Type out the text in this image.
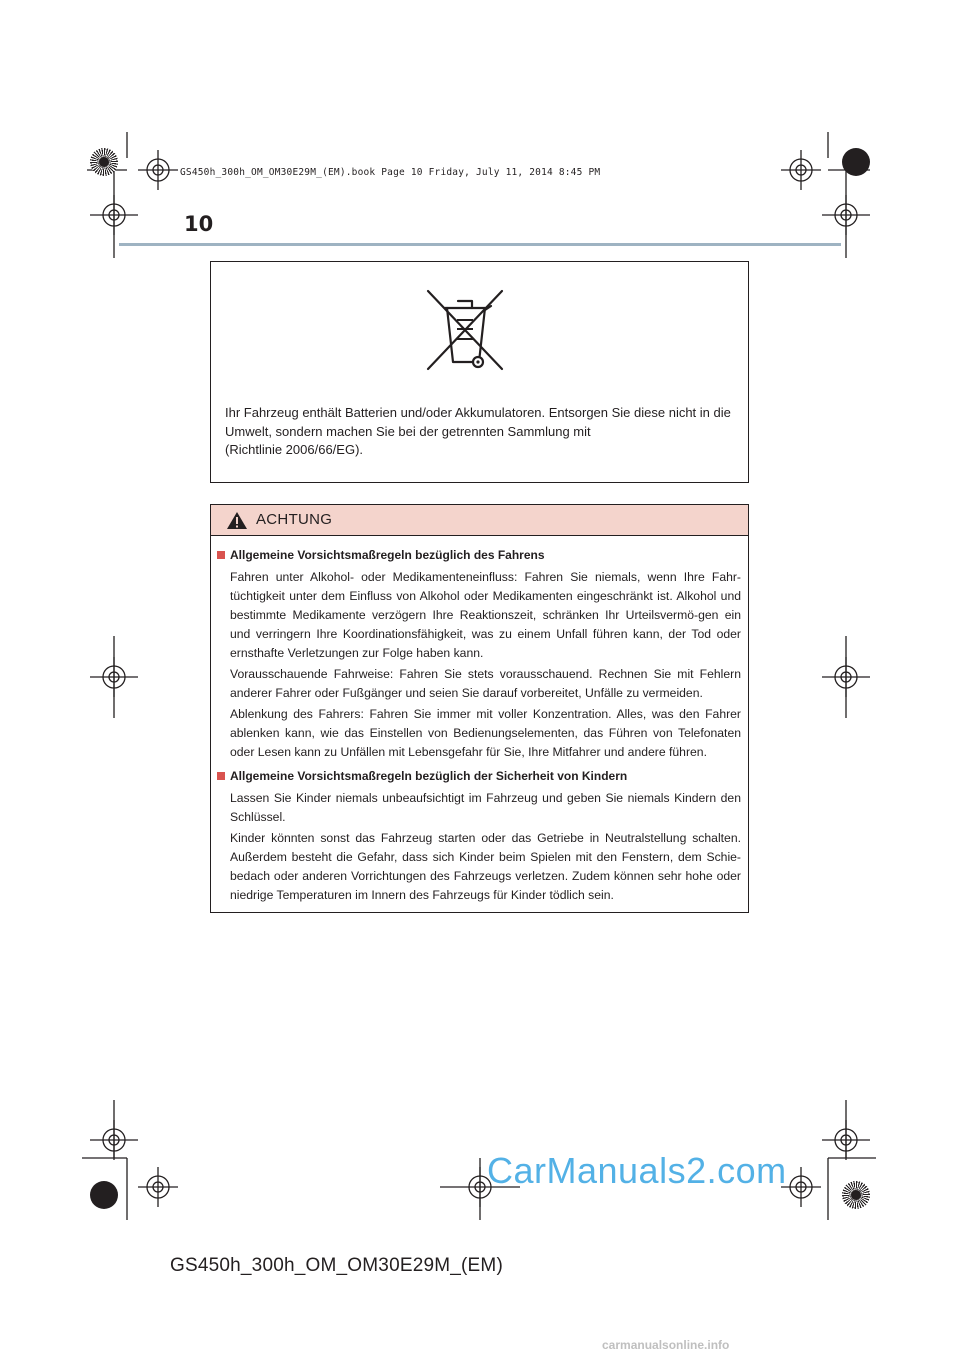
GS450h_300h_OM_OM30E29M_(EM).book Page 10 Friday, July 11, 2014 8:45 PM
10

Ihr Fahrzeug enthält Batterien und/oder Akkumulatoren. Entsorgen Sie diese nicht in die
Umwelt, sondern machen Sie bei der getrennten Sammlung mit
(Richtlinie 2006/66/EG).

ACHTUNG
Allgemeine Vorsichtsmaßregeln bezüglich des Fahrens

Fahren unter Alkohol- oder Medikamenteneinfluss: Fahren Sie niemals, wenn Ihre Fahr-tüchtigkeit unter dem Einfluss von Alkohol oder Medikamenten eingeschränkt ist. Alkohol und bestimmte Medikamente verzögern Ihre Reaktionszeit, schränken Ihr Urteilsvermö-gen ein und verringern Ihre Koordinationsfähigkeit, was zu einem Unfall führen kann, der Tod oder ernsthafte Verletzungen zur Folge haben kann.

Vorausschauende Fahrweise: Fahren Sie stets vorausschauend. Rechnen Sie mit Fehlern anderer Fahrer oder Fußgänger und seien Sie darauf vorbereitet, Unfälle zu vermeiden.

Ablenkung des Fahrers: Fahren Sie immer mit voller Konzentration. Alles, was den Fahrer ablenken kann, wie das Einstellen von Bedienungselementen, das Führen von Telefonaten oder Lesen kann zu Unfällen mit Lebensgefahr für Sie, Ihre Mitfahrer und andere führen.

Allgemeine Vorsichtsmaßregeln bezüglich der Sicherheit von Kindern

Lassen Sie Kinder niemals unbeaufsichtigt im Fahrzeug und geben Sie niemals Kindern den Schlüssel.

Kinder könnten sonst das Fahrzeug starten oder das Getriebe in Neutralstellung schalten. Außerdem besteht die Gefahr, dass sich Kinder beim Spielen mit den Fenstern, dem Schie-bedach oder anderen Vorrichtungen des Fahrzeugs verletzen. Zudem können sehr hohe oder niedrige Temperaturen im Innern des Fahrzeugs für Kinder tödlich sein.

CarManuals2.com
carmanualsonline.info
GS450h_300h_OM_OM30E29M_(EM)
